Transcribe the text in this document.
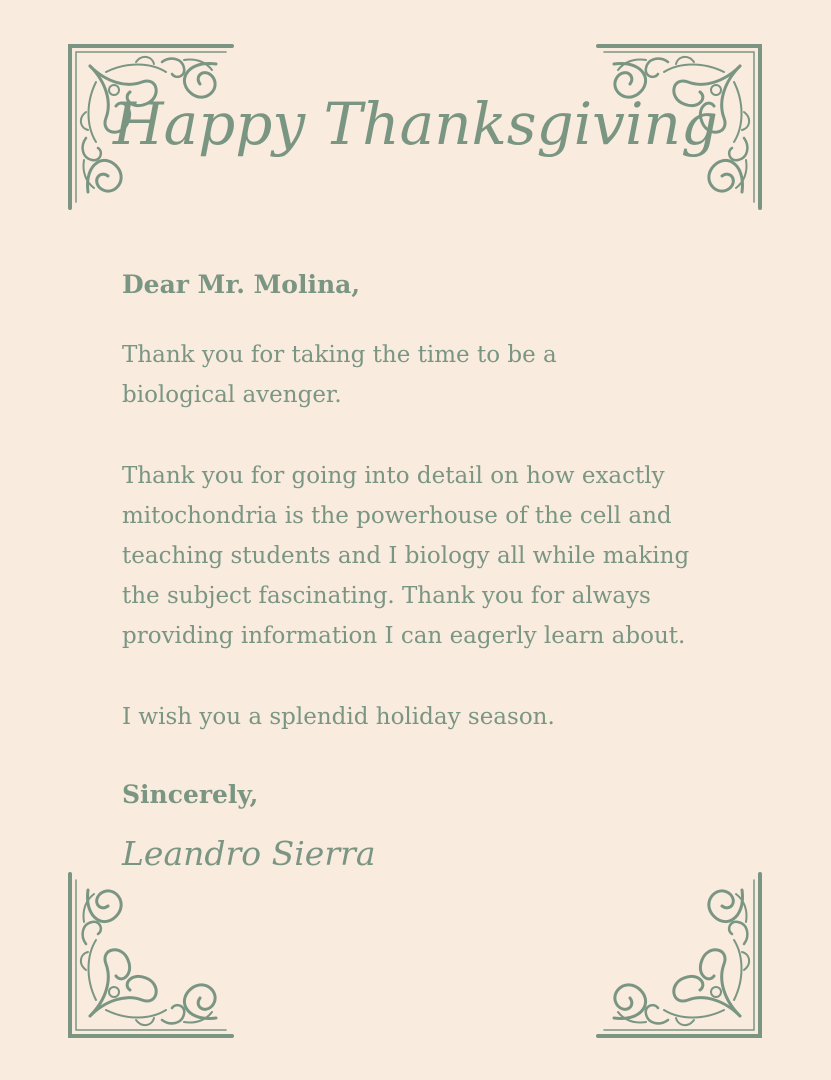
Happy Thanksgiving
Dear Mr. Molina,

Thank you for taking the time to be a biological avenger.

Thank you for going into detail on how exactly mitochondria is the powerhouse of the cell and teaching students and I biology all while making the subject fascinating. Thank you for always providing information I can eagerly learn about.

I wish you a splendid holiday season.

Sincerely,
Leandro Sierra
